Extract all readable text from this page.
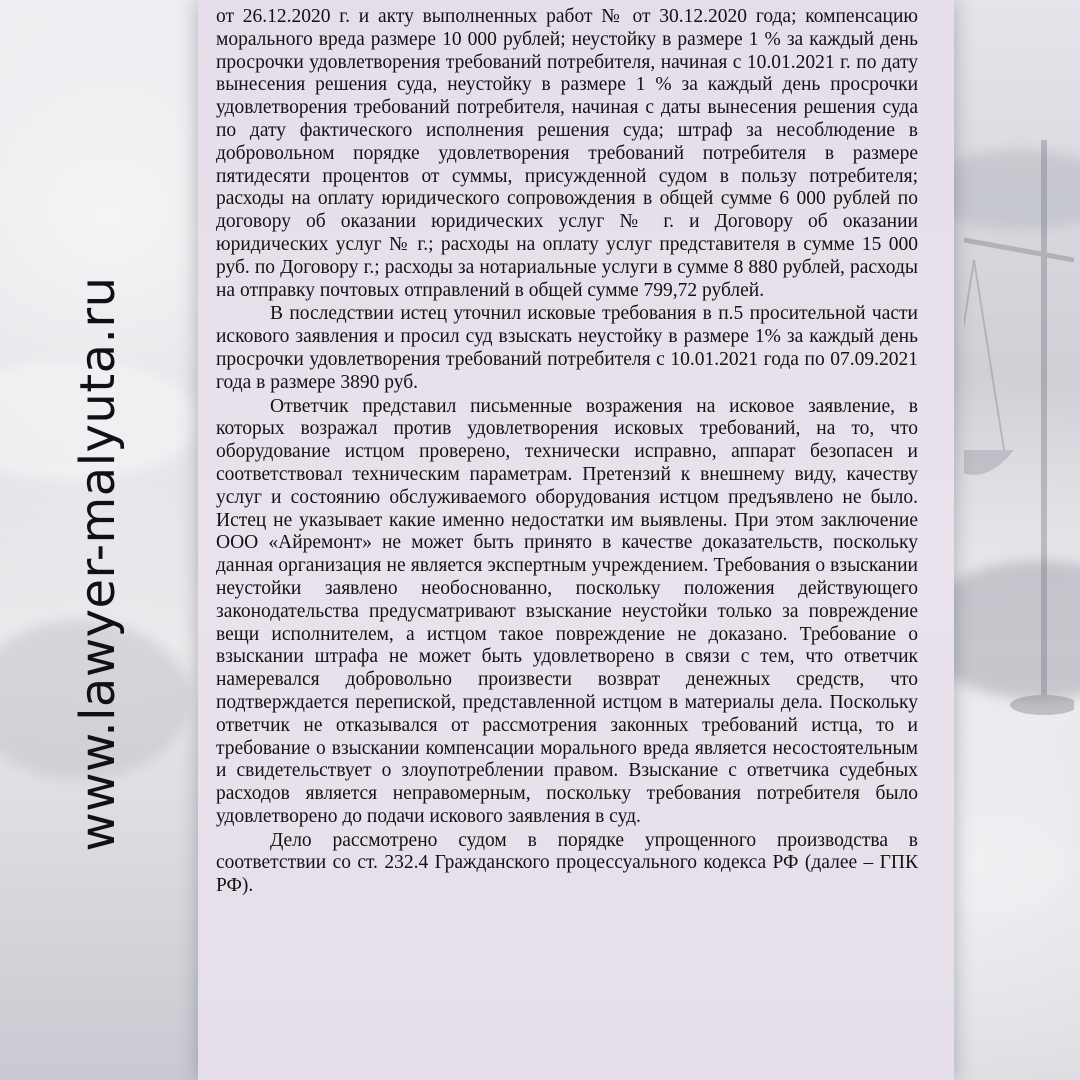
www.lawyer-malyuta.ru

от 26.12.2020 г. и акту выполненных работ № от 30.12.2020 года; компенсацию морального вреда размере 10 000 рублей; неустойку в размере 1 % за каждый день просрочки удовлетворения требований потребителя, начиная с 10.01.2021 г. по дату вынесения решения суда, неустойку в размере 1 % за каждый день просрочки удовлетворения требований потребителя, начиная с даты вынесения решения суда по дату фактического исполнения решения суда; штраф за несоблюдение в добровольном порядке удовлетворения требований потребителя в размере пятидесяти процентов от суммы, присужденной судом в пользу потребителя; расходы на оплату юридического сопровождения в общей сумме 6 000 рублей по договору об оказании юридических услуг № г. и Договору об оказании юридических услуг № г.; расходы на оплату услуг представителя в сумме 15 000 руб. по Договору г.; расходы за нотариальные услуги в сумме 8 880 рублей, расходы на отправку почтовых отправлений в общей сумме 799,72 рублей.

В последствии истец уточнил исковые требования в п.5 просительной части искового заявления и просил суд взыскать неустойку в размере 1% за каждый день просрочки удовлетворения требований потребителя с 10.01.2021 года по 07.09.2021 года в размере 3890 руб.

Ответчик представил письменные возражения на исковое заявление, в которых возражал против удовлетворения исковых требований, на то, что оборудование истцом проверено, технически исправно, аппарат безопасен и соответствовал техническим параметрам. Претензий к внешнему виду, качеству услуг и состоянию обслуживаемого оборудования истцом предъявлено не было. Истец не указывает какие именно недостатки им выявлены. При этом заключение ООО «Айремонт» не может быть принято в качестве доказательств, поскольку данная организация не является экспертным учреждением. Требования о взыскании неустойки заявлено необоснованно, поскольку положения действующего законодательства предусматривают взыскание неустойки только за повреждение вещи исполнителем, а истцом такое повреждение не доказано. Требование о взыскании штрафа не может быть удовлетворено в связи с тем, что ответчик намеревался добровольно произвести возврат денежных средств, что подтверждается перепиской, представленной истцом в материалы дела. Поскольку ответчик не отказывался от рассмотрения законных требований истца, то и требование о взыскании компенсации морального вреда является несостоятельным и свидетельствует о злоупотреблении правом. Взыскание с ответчика судебных расходов является неправомерным, поскольку требования потребителя было удовлетворено до подачи искового заявления в суд.

Дело рассмотрено судом в порядке упрощенного производства в соответствии со ст. 232.4 Гражданского процессуального кодекса РФ (далее – ГПК РФ).
